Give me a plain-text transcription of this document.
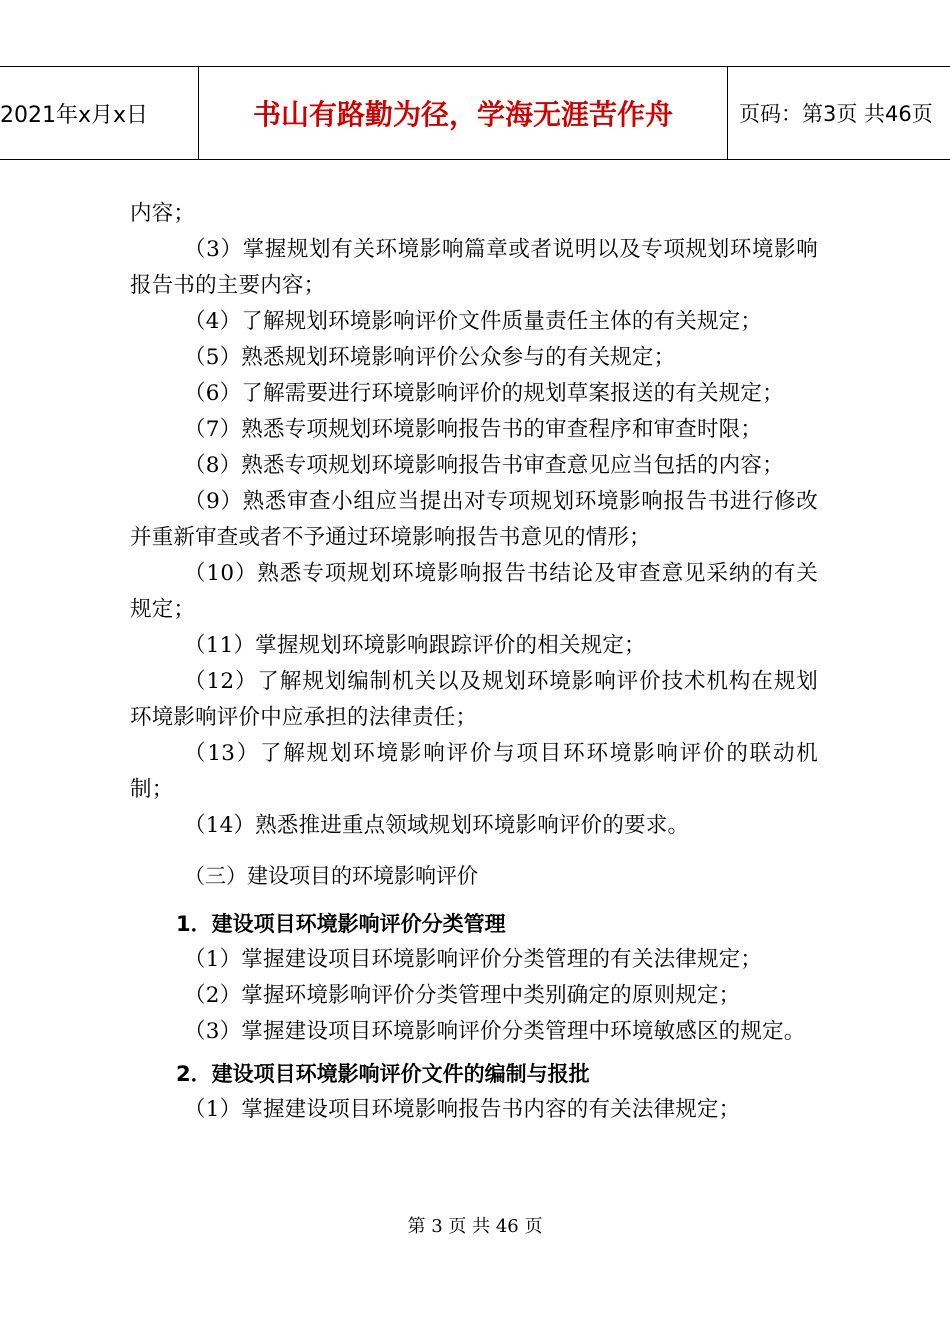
2021年x月x日	书山有路勤为径，学海无涯苦作舟	页码：第3页 共46页

内容；

（3）掌握规划有关环境影响篇章或者说明以及专项规划环境影响报告书的主要内容；

（4）了解规划环境影响评价文件质量责任主体的有关规定；

（5）熟悉规划环境影响评价公众参与的有关规定；

（6）了解需要进行环境影响评价的规划草案报送的有关规定；

（7）熟悉专项规划环境影响报告书的审查程序和审查时限；

（8）熟悉专项规划环境影响报告书审查意见应当包括的内容；

（9）熟悉审查小组应当提出对专项规划环境影响报告书进行修改并重新审查或者不予通过环境影响报告书意见的情形；

（10）熟悉专项规划环境影响报告书结论及审查意见采纳的有关规定；

（11）掌握规划环境影响跟踪评价的相关规定；

（12）了解规划编制机关以及规划环境影响评价技术机构在规划环境影响评价中应承担的法律责任；

（13）了解规划环境影响评价与项目环环境影响评价的联动机制；

（14）熟悉推进重点领域规划环境影响评价的要求。

（三）建设项目的环境影响评价

1．建设项目环境影响评价分类管理

（1）掌握建设项目环境影响评价分类管理的有关法律规定；

（2）掌握环境影响评价分类管理中类别确定的原则规定；

（3）掌握建设项目环境影响评价分类管理中环境敏感区的规定。

2．建设项目环境影响评价文件的编制与报批

（1）掌握建设项目环境影响报告书内容的有关法律规定；

第 3 页 共 46 页
